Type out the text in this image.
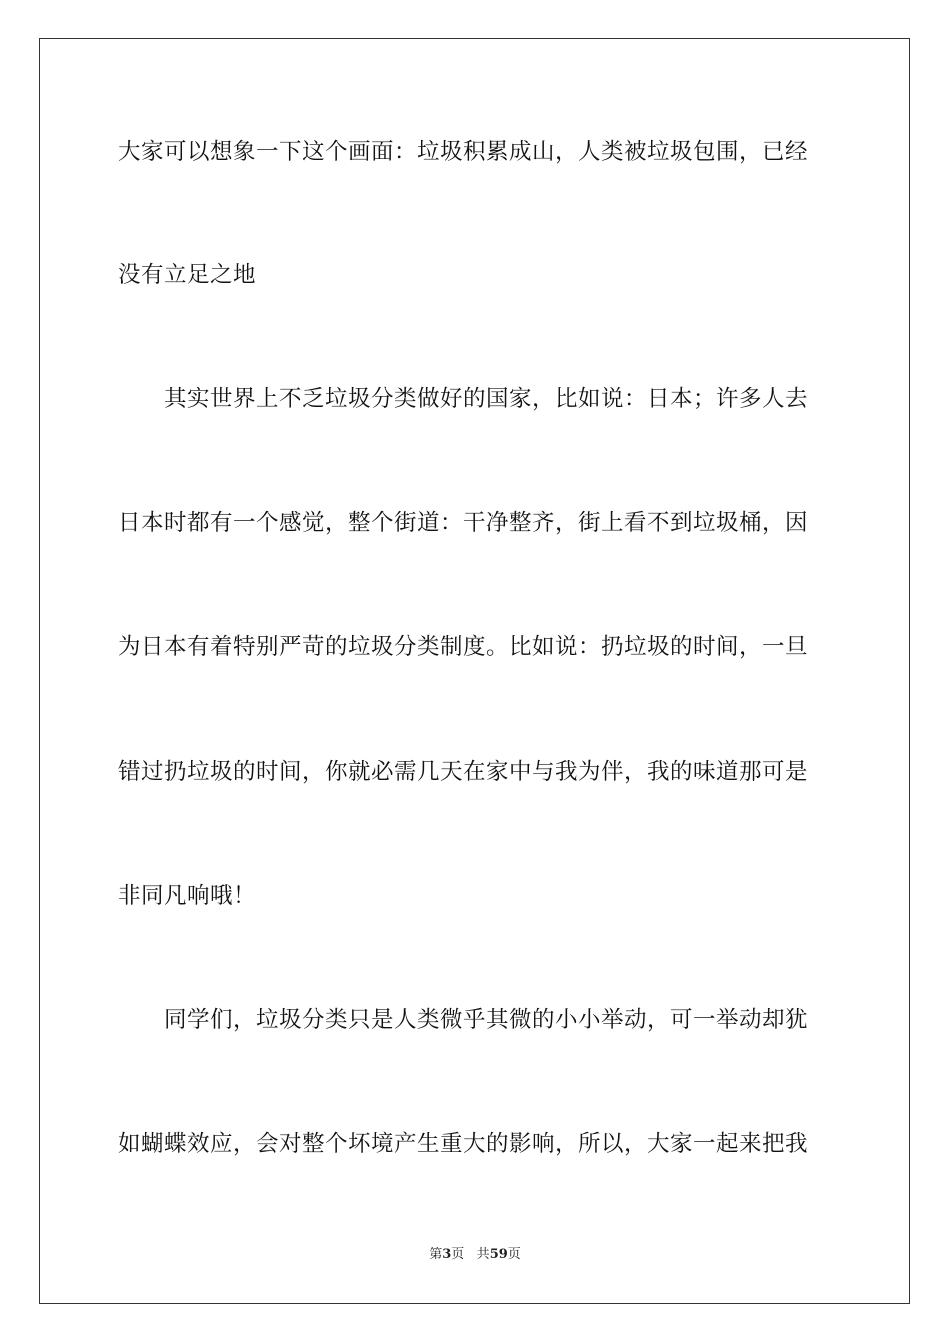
大家可以想象一下这个画面：垃圾积累成山，人类被垃圾包围，已经

没有立足之地

　　其实世界上不乏垃圾分类做好的国家，比如说：日本；许多人去

日本时都有一个感觉，整个街道：干净整齐，街上看不到垃圾桶，因

为日本有着特别严苛的垃圾分类制度。比如说：扔垃圾的时间，一旦

错过扔垃圾的时间，你就必需几天在家中与我为伴，我的味道那可是

非同凡响哦！

　　同学们，垃圾分类只是人类微乎其微的小小举动，可一举动却犹

如蝴蝶效应，会对整个坏境产生重大的影响，所以，大家一起来把我

第3页 共59页
